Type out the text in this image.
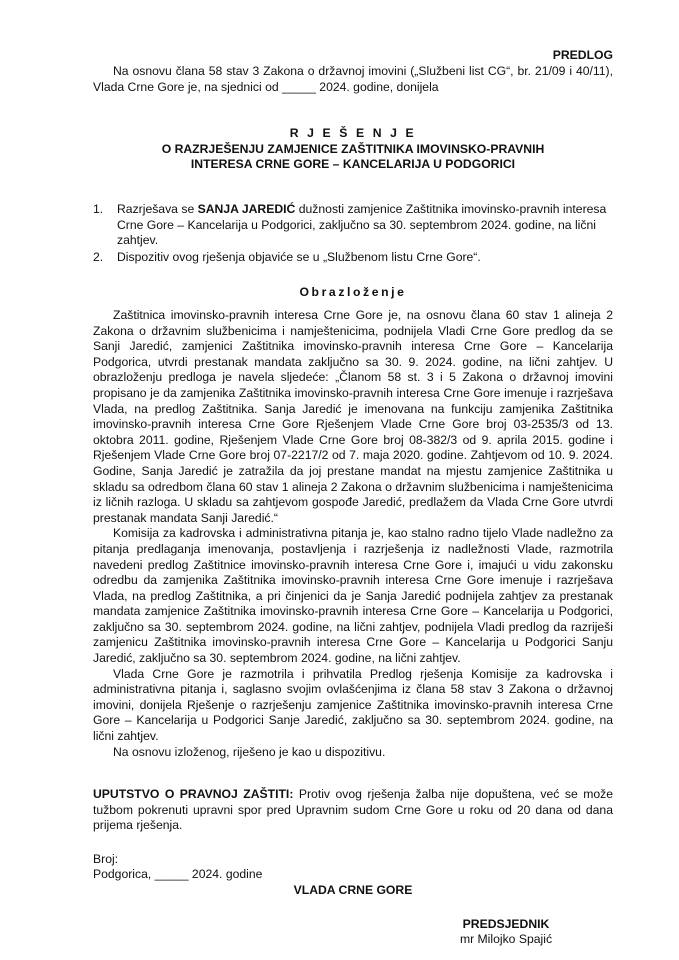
PREDLOG
Na osnovu člana 58 stav 3 Zakona o državnoj imovini („Službeni list CG“, br. 21/09 i 40/11), Vlada Crne Gore je, na sjednici od _____ 2024. godine, donijela
R J E Š E N J E
O RAZRJEŠENJU ZAMJENICE ZAŠTITNIKA IMOVINSKO-PRAVNIH
INTERESA CRNE GORE – KANCELARIJA U PODGORICI
1. Razrješava se SANJA JAREDIĆ dužnosti zamjenice Zaštitnika imovinsko-pravnih interesa Crne Gore – Kancelarija u Podgorici, zaključno sa 30. septembrom 2024. godine, na lični zahtjev.
2. Dispozitiv ovog rješenja objavi‌će se u „Službenom listu Crne Gore“.
Obrazloženje

Zaštitnica imovinsko-pravnih interesa Crne Gore je, na osnovu člana 60 stav 1 alineja 2 Zakona o državnim službenicima i namještenicima, podnijela Vladi Crne Gore predlog da se Sanji Jaredić, zamjenici Zaštitnika imovinsko-pravnih interesa Crne Gore – Kancelarija Podgorica, utvrdi prestanak mandata zaključno sa 30. 9. 2024. godine, na lični zahtjev. U obrazloženju predloga je navela sljedeće: „Članom 58 st. 3 i 5 Zakona o državnoj imovini propisano je da zamjenika Zaštitnika imovinsko-pravnih interesa Crne Gore imenuje i razrješava Vlada, na predlog Zaštitnika. Sanja Jaredić je imenovana na funkciju zamjenika Zaštitnika imovinsko-pravnih interesa Crne Gore Rješenjem Vlade Crne Gore broj 03-2535/3 od 13. oktobra 2011. godine, Rješenjem Vlade Crne Gore broj 08-382/3 od 9. aprila 2015. godine i Rješenjem Vlade Crne Gore broj 07-2217/2 od 7. maja 2020. godine. Zahtjevom od 10. 9. 2024. Godine, Sanja Jaredić je zatražila da joj prestane mandat na mjestu zamjenice Zaštitnika u skladu sa odredbom člana 60 stav 1 alineja 2 Zakona o državnim službenicima i namještenicima iz ličnih razloga. U skladu sa zahtjevom gospođe Jaredić, predlažem da Vlada Crne Gore utvrdi prestanak mandata Sanji Jaredić.“

Komisija za kadrovska i administrativna pitanja je, kao stalno radno tijelo Vlade nadležno za pitanja predlaganja imenovanja, postavljenja i razrješenja iz nadležnosti Vlade, razmotrila navedeni predlog Zaštitnice imovinsko-pravnih interesa Crne Gore i, imajući u vidu zakonsku odredbu da zamjenika Zaštitnika imovinsko-pravnih interesa Crne Gore imenuje i razrješava Vlada, na predlog Zaštitnika, a pri činjenici da je Sanja Jaredić podnijela zahtjev za prestanak mandata zamjenice Zaštitnika imovinsko-pravnih interesa Crne Gore – Kancelarija u Podgorici, zaključno sa 30. septembrom 2024. godine, na lični zahtjev, podnijela Vladi predlog da razriješi zamjenicu Zaštitnika imovinsko-pravnih interesa Crne Gore – Kancelarija u Podgorici Sanju Jaredić, zaključno sa 30. septembrom 2024. godine, na lični zahtjev.

Vlada Crne Gore je razmotrila i prihvatila Predlog rješenja Komisije za kadrovska i administrativna pitanja i, saglasno svojim ovlašćenjima iz člana 58 stav 3 Zakona o državnoj imovini, donijela Rješenje o razrješenju zamjenice Zaštitnika imovinsko-pravnih interesa Crne Gore – Kancelarija u Podgorici Sanje Jaredić, zaključno sa 30. septembrom 2024. godine, na lični zahtjev.

Na osnovu izloženog, riješeno je kao u dispozitivu.

UPUTSTVO O PRAVNOJ ZAŠTITI: Protiv ovog rješenja žalba nije dopuštena, već se može tužbom pokrenuti upravni spor pred Upravnim sudom Crne Gore u roku od 20 dana od dana prijema rješenja.
Broj:
Podgorica, _____ 2024. godine
VLADA CRNE GORE
PREDSJEDNIK
mr Milojko Spajić
